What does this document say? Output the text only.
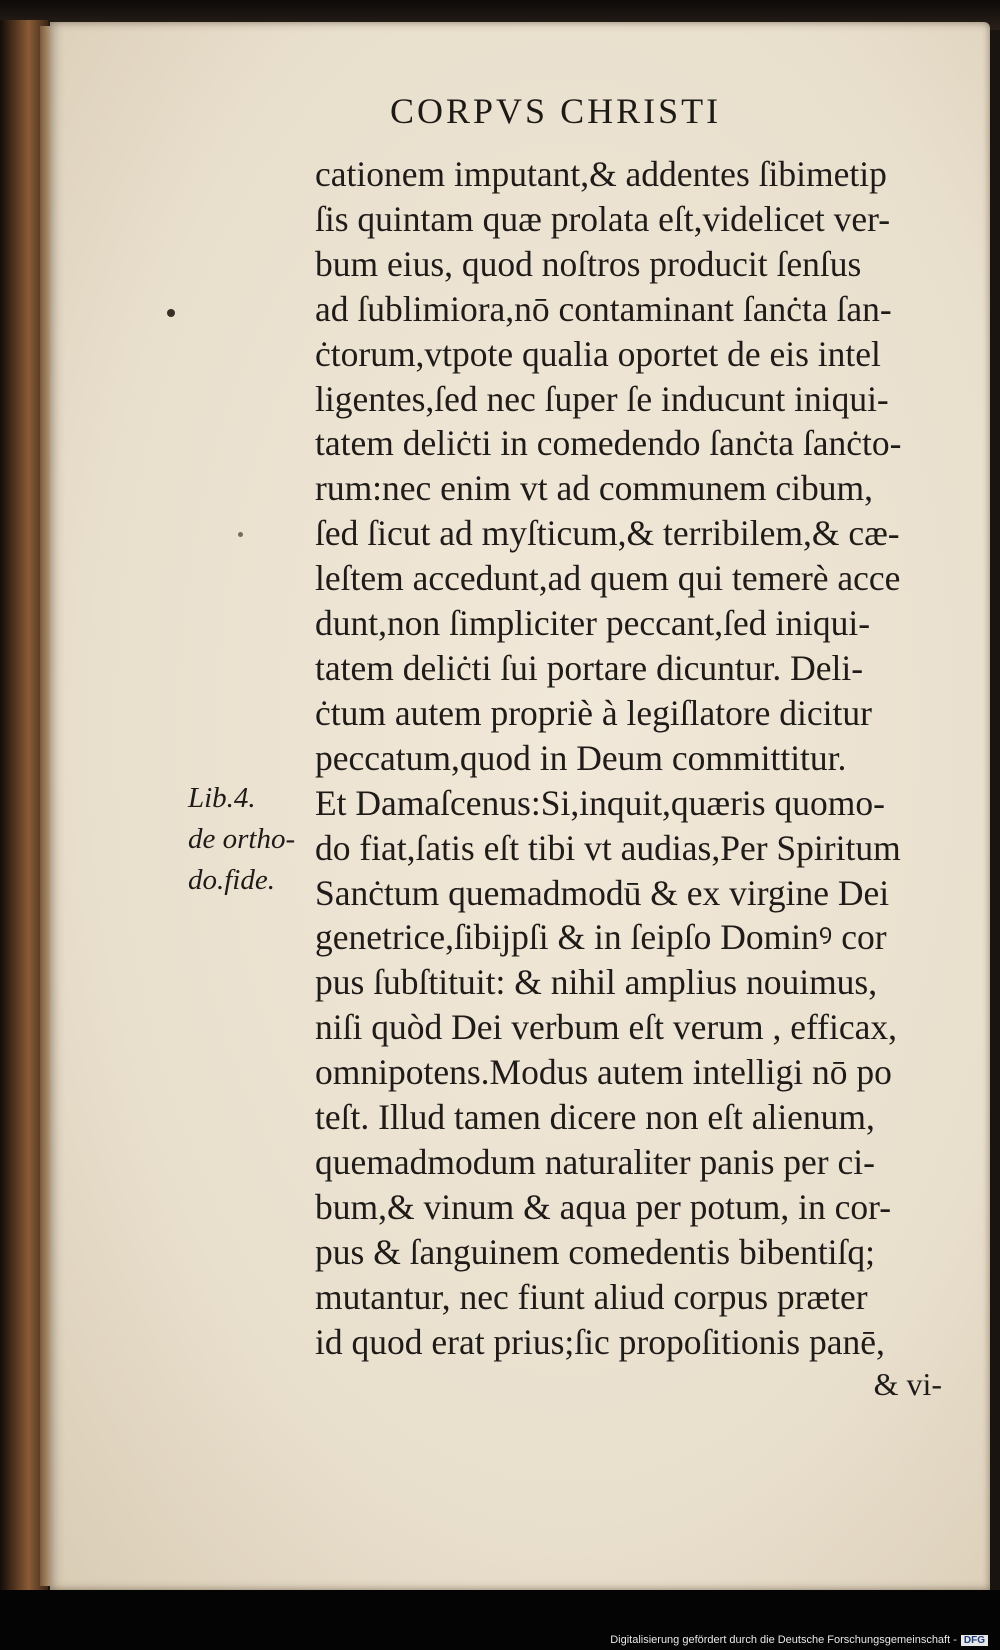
CORPVS CHRISTI
cationem imputant,& addentes ſibimetip
ſis quintam quæ prolata eſt,videlicet ver-
bum eius, quod noſtros producit ſenſus
ad ſublimiora,nō contaminant ſanċta ſan-
ċtorum,vtpote qualia oportet de eis intel
ligentes,ſed nec ſuper ſe inducunt iniqui-
tatem deliċti in comedendo ſanċta ſanċto-
rum:nec enim vt ad communem cibum,
ſed ſicut ad myſticum,& terribilem,& cæ-
leſtem accedunt,ad quem qui temerè acce
dunt,non ſimpliciter peccant,ſed iniqui-
tatem deliċti ſui portare dicuntur. Deli-
ċtum autem propriè à legiſlatore dicitur
peccatum,quod in Deum committitur.
Et Damaſcenus:Si,inquit,quæris quomo-
do fiat,ſatis eſt tibi vt audias,Per Spiritum
Sanċtum quemadmodū & ex virgine Dei
genetrice,ſibijpſi & in ſeipſo Dominꝰ cor
pus ſubſtituit: & nihil amplius nouimus,
niſi quòd Dei verbum eſt verum , efficax,
omnipotens.Modus autem intelligi nō po
teſt. Illud tamen dicere non eſt alienum,
quemadmodum naturaliter panis per ci-
bum,& vinum & aqua per potum, in cor-
pus & ſanguinem comedentis bibentiſq;
mutantur, nec fiunt aliud corpus præter
id quod erat prius;ſic propoſitionis panē,
& vi-
Lib.4.
de ortho-
do.fide.
Digitalisierung gefördert durch die Deutsche Forschungsgemeinschaft - DFG
